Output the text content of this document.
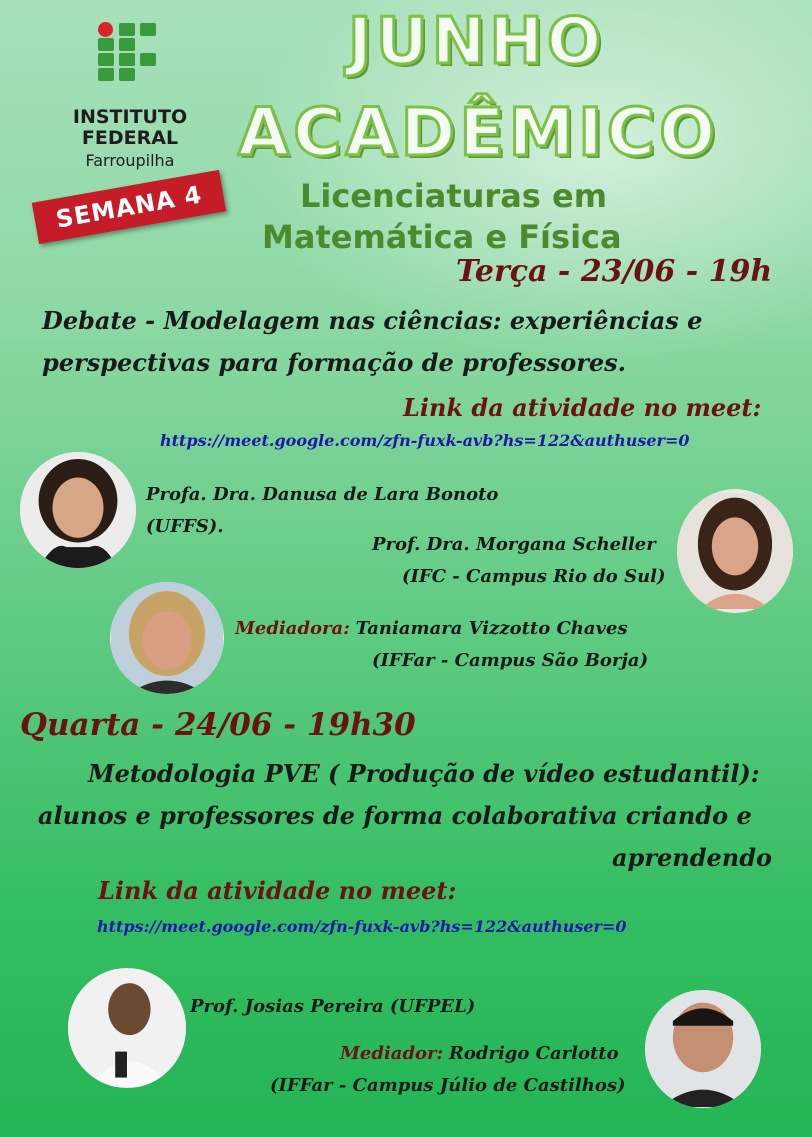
INSTITUTO
FEDERAL
Farroupilha
SEMANA 4
JUNHO
ACADÊMICO
Licenciaturas em
Matemática e Física
Terça - 23/06 - 19h
Debate - Modelagem nas ciências: experiências e
perspectivas para formação de professores.
Link da atividade no meet:
https://meet.google.com/zfn-fuxk-avb?hs=122&authuser=0
Profa. Dra. Danusa de Lara Bonoto
(UFFS).
Prof. Dra. Morgana Scheller
(IFC - Campus Rio do Sul)
Mediadora: Taniamara Vizzotto Chaves
(IFFar - Campus São Borja)
Quarta - 24/06 - 19h30
Metodologia PVE ( Produção de vídeo estudantil):
alunos e professores de forma colaborativa criando e
aprendendo
Link da atividade no meet:
https://meet.google.com/zfn-fuxk-avb?hs=122&authuser=0
Prof. Josias Pereira (UFPEL)
Mediador: Rodrigo Carlotto
(IFFar - Campus Júlio de Castilhos)
